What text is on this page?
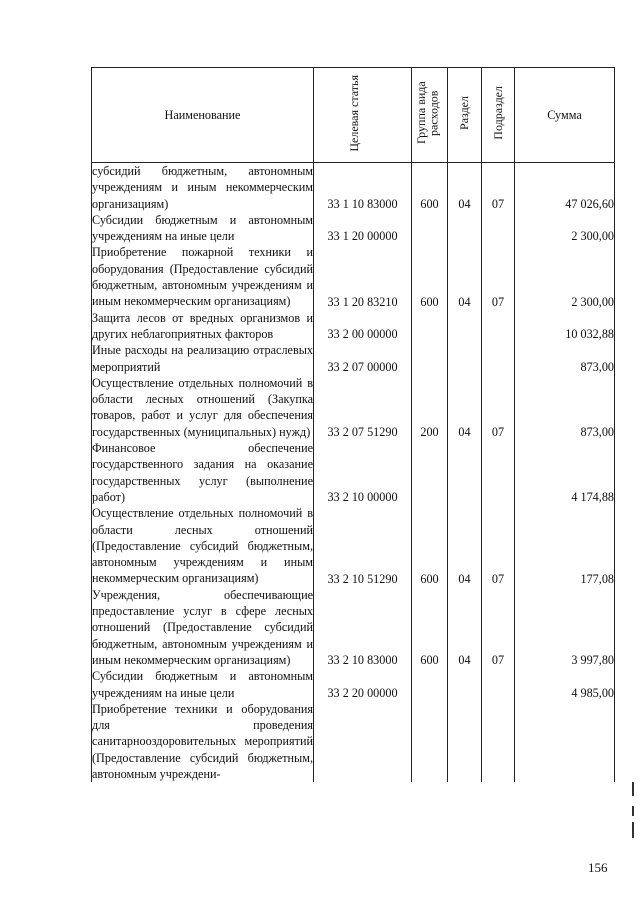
Наименование	Целевая статья	Группа вида расходов	Раздел	Подраздел	Сумма
субсидий бюджетным, автономным учреждениям и иным некоммерческим организациям)	33 1 10 83000	600	04	07	47 026,60
Субсидии бюджетным и автономным учреждениям на иные цели	33 1 20 00000				2 300,00
Приобретение пожарной техники и оборудования (Предоставление субсидий бюджетным, автономным учреждениям и иным некоммерческим организациям)	33 1 20 83210	600	04	07	2 300,00
Защита лесов от вредных организмов и других неблагоприятных факторов	33 2 00 00000				10 032,88
Иные расходы на реализацию отраслевых мероприятий	33 2 07 00000				873,00
Осуществление отдельных полномочий в области лесных отношений (Закупка товаров, работ и услуг для обеспечения государственных (муниципальных) нужд)	33 2 07 51290	200	04	07	873,00
Финансовое обеспечение государственного задания на оказание государственных услуг (выполнение работ)	33 2 10 00000				4 174,88
Осуществление отдельных полномочий в области лесных отношений (Предоставление субсидий бюджетным, автономным учреждениям и иным некоммерческим организациям)	33 2 10 51290	600	04	07	177,08
Учреждения, обеспечивающие предоставление услуг в сфере лесных отношений (Предоставление субсидий бюджетным, автономным учреждениям и иным некоммерческим организациям)	33 2 10 83000	600	04	07	3 997,80
Субсидии бюджетным и автономным учреждениям на иные цели	33 2 20 00000				4 985,00
Приобретение техники и оборудования для проведения санитарнооздоровительных мероприятий (Предоставление субсидий бюджетным, автономным учреждени-					
156
